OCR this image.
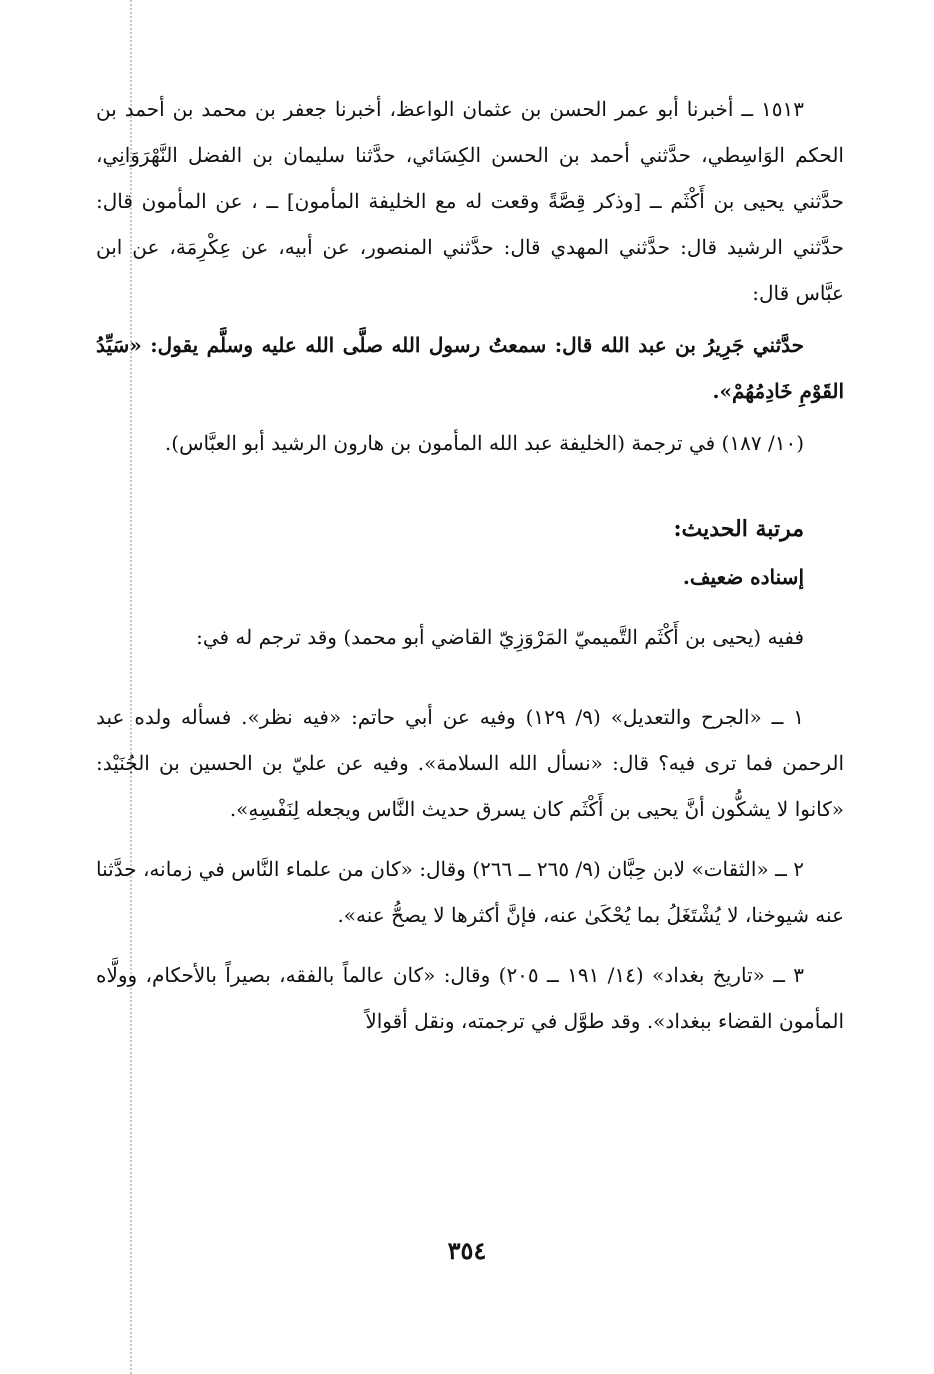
١٥١٣ ــ أخبرنا أبو عمر الحسن بن عثمان الواعظ، أخبرنا جعفر بن محمد بن أحمد بن الحكم الوَاسِطي، حدَّثني أحمد بن الحسن الكِسَائي، حدَّثنا سليمان بن الفضل النَّهْرَوَانِي، حدَّثني يحيى بن أَكْثَم ــ [وذكر قِصَّةً وقعت له مع الخليفة المأمون] ــ ، عن المأمون قال: حدَّثني الرشيد قال: حدَّثني المهدي قال: حدَّثني المنصور، عن أبيه، عن عِكْرِمَة، عن ابن عبَّاس قال:

حدَّثني جَرِيرُ بن عبد الله قال: سمعتُ رسول الله صلَّى الله عليه وسلَّم يقول: «سَيِّدُ القَوْمِ خَادِمُهُمْ».

(١٠/ ١٨٧) في ترجمة (الخليفة عبد الله المأمون بن هارون الرشيد أبو العبَّاس).

مرتبة الحديث:

إسناده ضعيف.

ففيه (يحيى بن أَكْثَم التَّميميّ المَرْوَزِيّ القاضي أبو محمد) وقد ترجم له في:

١ ــ «الجرح والتعديل» (٩/ ١٢٩) وفيه عن أبي حاتم: «فيه نظر». فسأله ولده عبد الرحمن فما ترى فيه؟ قال: «نسأل الله السلامة». وفيه عن عليّ بن الحسين بن الجُنَيْد: «كانوا لا يشكُّون أنَّ يحيى بن أَكْثَم كان يسرق حديث النَّاس ويجعله لِنَفْسِهِ».

٢ ــ «الثقات» لابن حِبَّان (٩/ ٢٦٥ ــ ٢٦٦) وقال: «كان من علماء النَّاس في زمانه، حدَّثنا عنه شيوخنا، لا يُشْتَغَلُ بما يُحْكَىٰ عنه، فإنَّ أكثرها لا يصحُّ عنه».

٣ ــ «تاريخ بغداد» (١٤/ ١٩١ ــ ٢٠٥) وقال: «كان عالماً بالفقه، بصيراً بالأحكام، وولَّاه المأمون القضاء ببغداد». وقد طوَّل في ترجمته، ونقل أقوالاً

٣٥٤
